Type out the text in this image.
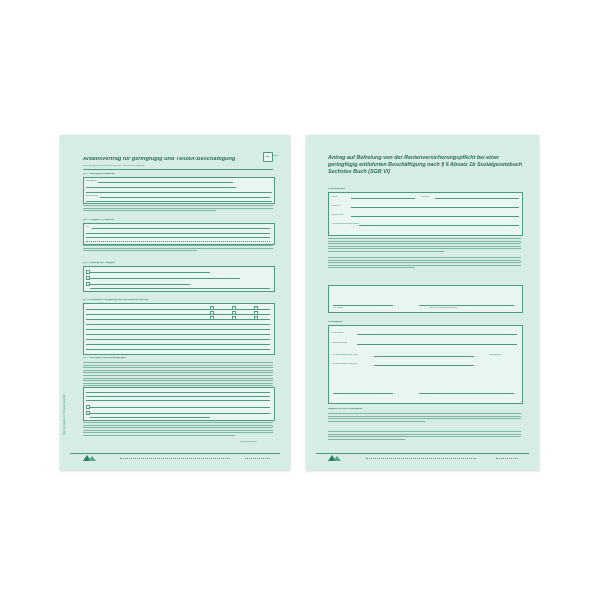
Arbeitsvertrag für geringfügig und Teilzeit-Beschäftigung	519 Blatt 1
(Geringfügig entlohnte Beschäftigung / Teilzeitbeschäftigung)
Bitte Rückseite und Hinweise beachten
§ 1 – Vertragsschließende
Arbeitgeber
Arbeitnehmer
§ 2 – Tätigkeit / Probezeit
als
§ 3 – Umfang der Tätigkeit
§ 4 – Arbeitszeit, Vergütung und Rentenversicherung
§ 5 – Sonstige Arbeitsbedingungen
Fortsetzung Blatt 2
Antrag auf Befreiung von der Rentenversicherungspflicht bei einer geringfügig entlohnten Beschäftigung nach § 6 Absatz 1b Sozialgesetzbuch Sechstes Buch (SGB VI)
Arbeitnehmer
Name	Vorname
Anschrift
geboren am
Rentenversicherungsnummer
Ort, Datum	Unterschrift des Arbeitnehmers
Arbeitgeber
Firmenname
Betriebsnummer
Der Befreiungsantrag ist am	eingegangen.
Die Befreiung wirkt ab dem
Hinweis für den Arbeitgeber
